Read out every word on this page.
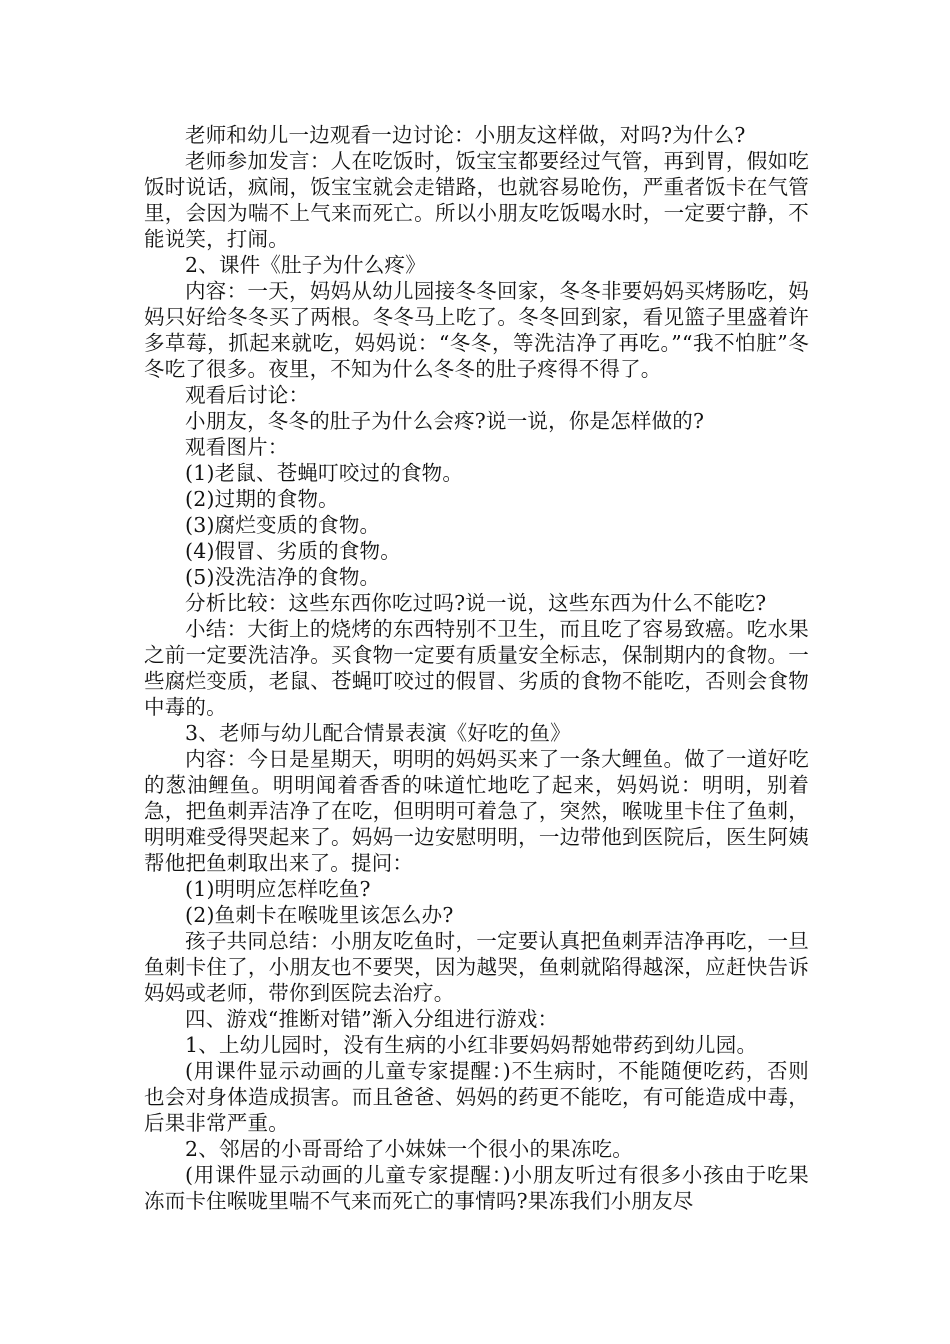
老师和幼儿一边观看一边讨论：小朋友这样做，对吗?为什么?

老师参加发言：人在吃饭时，饭宝宝都要经过气管，再到胃，假如吃饭时说话，疯闹，饭宝宝就会走错路，也就容易呛伤，严重者饭卡在气管里，会因为喘不上气来而死亡。所以小朋友吃饭喝水时，一定要宁静，不能说笑，打闹。

2、课件《肚子为什么疼》

内容：一天，妈妈从幼儿园接冬冬回家，冬冬非要妈妈买烤肠吃，妈妈只好给冬冬买了两根。冬冬马上吃了。冬冬回到家，看见篮子里盛着许多草莓，抓起来就吃，妈妈说：“冬冬，等洗洁净了再吃。”“我不怕脏”冬冬吃了很多。夜里，不知为什么冬冬的肚子疼得不得了。

观看后讨论：

小朋友，冬冬的肚子为什么会疼?说一说，你是怎样做的?

观看图片：

(1)老鼠、苍蝇叮咬过的食物。

(2)过期的食物。

(3)腐烂变质的食物。

(4)假冒、劣质的食物。

(5)没洗洁净的食物。

分析比较：这些东西你吃过吗?说一说，这些东西为什么不能吃?

小结：大街上的烧烤的东西特别不卫生，而且吃了容易致癌。吃水果之前一定要洗洁净。买食物一定要有质量安全标志，保制期内的食物。一些腐烂变质，老鼠、苍蝇叮咬过的假冒、劣质的食物不能吃，否则会食物中毒的。

3、老师与幼儿配合情景表演《好吃的鱼》

内容：今日是星期天，明明的妈妈买来了一条大鲤鱼。做了一道好吃的葱油鲤鱼。明明闻着香香的味道忙地吃了起来，妈妈说：明明，别着急，把鱼刺弄洁净了在吃，但明明可着急了，突然，喉咙里卡住了鱼刺，明明难受得哭起来了。妈妈一边安慰明明，一边带他到医院后，医生阿姨帮他把鱼刺取出来了。提问：

(1)明明应怎样吃鱼?

(2)鱼刺卡在喉咙里该怎么办?

孩子共同总结：小朋友吃鱼时，一定要认真把鱼刺弄洁净再吃，一旦鱼刺卡住了，小朋友也不要哭，因为越哭，鱼刺就陷得越深，应赶快告诉妈妈或老师，带你到医院去治疗。

四、游戏“推断对错”渐入分组进行游戏：

1、上幼儿园时，没有生病的小红非要妈妈帮她带药到幼儿园。

(用课件显示动画的儿童专家提醒：)不生病时，不能随便吃药，否则也会对身体造成损害。而且爸爸、妈妈的药更不能吃，有可能造成中毒，后果非常严重。

2、邻居的小哥哥给了小妹妹一个很小的果冻吃。

(用课件显示动画的儿童专家提醒：)小朋友听过有很多小孩由于吃果冻而卡住喉咙里喘不气来而死亡的事情吗?果冻我们小朋友尽
